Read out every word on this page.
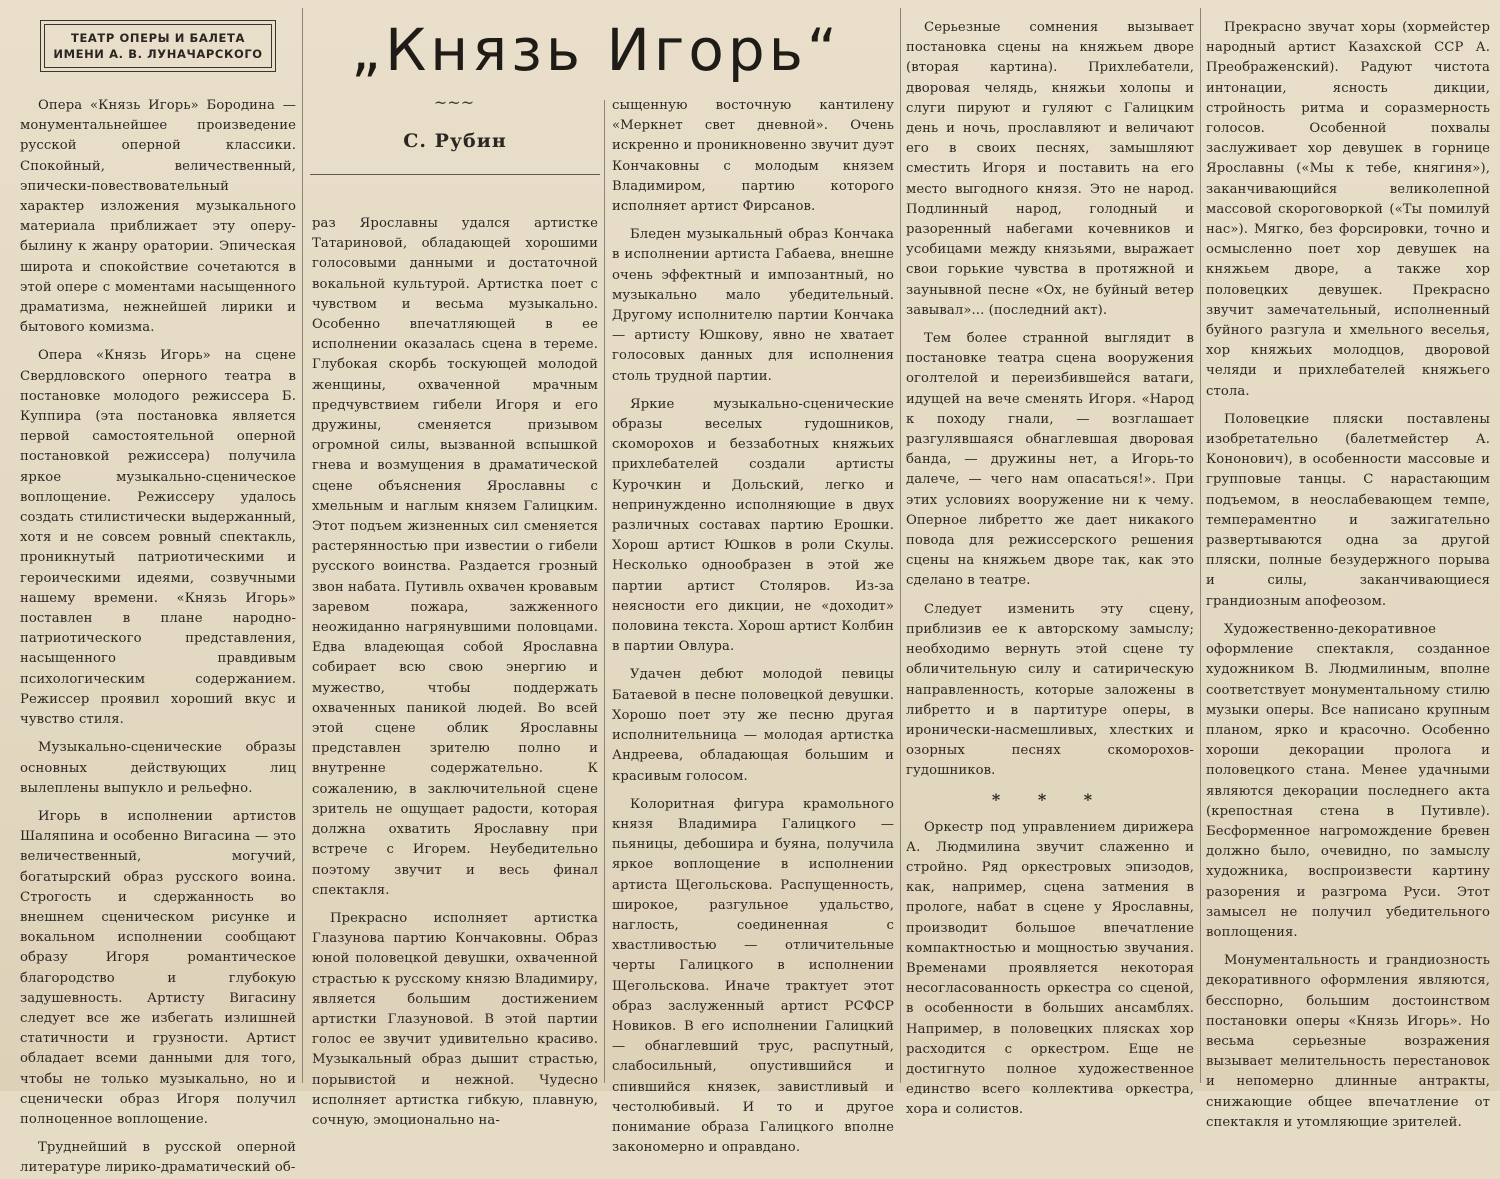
ТЕАТР ОПЕРЫ И БАЛЕТА
ИМЕНИ А. В. ЛУНАЧАРСКОГО	„Князь Игорь“
~~~
С. Рубин

Опера «Князь Игорь» Бородина — монументальнейшее произведение русской оперной классики. Спокойный, величественный, эпически-повествовательный характер изложения музыкального материала приближает эту оперу-былину к жанру оратории. Эпическая широта и спокойствие сочетаются в этой опере с моментами насыщенного драматизма, нежнейшей лирики и бытового комизма.

Опера «Князь Игорь» на сцене Свердловского оперного театра в постановке молодого режиссера Б. Куппира (эта постановка является первой самостоятельной оперной постановкой режиссера) получила яркое музыкально-сценическое воплощение. Режиссеру удалось создать стилистически выдержанный, хотя и не совсем ровный спектакль, проникнутый патриотическими и героическими идеями, созвучными нашему времени. «Князь Игорь» поставлен в плане народно-патриотического представления, насыщенного правдивым психологическим содержанием. Режиссер проявил хороший вкус и чувство стиля.

Музыкально-сценические образы основных действующих лиц вылеплены выпукло и рельефно.

Игорь в исполнении артистов Шаляпина и особенно Вигасина — это величественный, могучий, богатырский образ русского воина. Строгость и сдержанность во внешнем сценическом рисунке и вокальном исполнении сообщают образу Игоря романтическое благородство и глубокую задушевность. Артисту Вигасину следует все же избегать излишней статичности и грузности. Артист обладает всеми данными для того, чтобы не только музыкально, но и сценически образ Игоря получил полноценное воплощение.

Труднейший в русской оперной литературе лирико-драматический об-

раз Ярославны удался артистке Татариновой, обладающей хорошими голосовыми данными и достаточной вокальной культурой. Артистка поет с чувством и весьма музыкально. Особенно впечатляющей в ее исполнении оказалась сцена в тереме. Глубокая скорбь тоскующей молодой женщины, охваченной мрачным предчувствием гибели Игоря и его дружины, сменяется призывом огромной силы, вызванной вспышкой гнева и возмущения в драматической сцене объяснения Ярославны с хмельным и наглым князем Галицким. Этот подъем жизненных сил сменяется растерянностью при известии о гибели русского воинства. Раздается грозный звон набата. Путивль охвачен кровавым заревом пожара, зажженного неожиданно нагрянувшими половцами. Едва владеющая собой Ярославна собирает всю свою энергию и мужество, чтобы поддержать охваченных паникой людей. Во всей этой сцене облик Ярославны представлен зрителю полно и внутренне содержательно. К сожалению, в заключительной сцене зритель не ощущает радости, которая должна охватить Ярославну при встрече с Игорем. Неубедительно поэтому звучит и весь финал спектакля.

Прекрасно исполняет артистка Глазунова партию Кончаковны. Образ юной половецкой девушки, охваченной страстью к русскому князю Владимиру, является большим достижением артистки Глазуновой. В этой партии голос ее звучит удивительно красиво. Музыкальный образ дышит страстью, порывистой и нежной. Чудесно исполняет артистка гибкую, плавную, сочную, эмоционально на-

сыщенную восточную кантилену «Меркнет свет дневной». Очень искренно и проникновенно звучит дуэт Кончаковны с молодым князем Владимиром, партию которого исполняет артист Фирсанов.

Бледен музыкальный образ Кончака в исполнении артиста Габаева, внешне очень эффектный и импозантный, но музыкально мало убедительный. Другому исполнителю партии Кончака — артисту Юшкову, явно не хватает голосовых данных для исполнения столь трудной партии.

Яркие музыкально-сценические образы веселых гудошников, скоморохов и беззаботных княжьих прихлебателей создали артисты Курочкин и Дольский, легко и непринужденно исполняющие в двух различных составах партию Ерошки. Хорош артист Юшков в роли Скулы. Несколько однообразен в этой же партии артист Столяров. Из-за неясности его дикции, не «доходит» половина текста. Хорош артист Колбин в партии Овлура.

Удачен дебют молодой певицы Батаевой в песне половецкой девушки. Хорошо поет эту же песню другая исполнительница — молодая артистка Андреева, обладающая большим и красивым голосом.

Колоритная фигура крамольного князя Владимира Галицкого — пьяницы, дебошира и буяна, получила яркое воплощение в исполнении артиста Щегольскова. Распущенность, широкое, разгульное удальство, наглость, соединенная с хвастливостью — отличительные черты Галицкого в исполнении Щегольскова. Иначе трактует этот образ заслуженный артист РСФСР Новиков. В его исполнении Галицкий — обнаглевший трус, распутный, слабосильный, опустившийся и спившийся князек, завистливый и честолюбивый. И то и другое понимание образа Галицкого вполне закономерно и оправдано.

Серьезные сомнения вызывает постановка сцены на княжьем дворе (вторая картина). Прихлебатели, дворовая челядь, княжьи холопы и слуги пируют и гуляют с Галицким день и ночь, прославляют и величают его в своих песнях, замышляют сместить Игоря и поставить на его место выгодного князя. Это не народ. Подлинный народ, голодный и разоренный набегами кочевников и усобицами между князьями, выражает свои горькие чувства в протяжной и заунывной песне «Ох, не буйный ветер завывал»... (последний акт).

Тем более странной выглядит в постановке театра сцена вооружения оголтелой и переизбившейся ватаги, идущей на вече сменять Игоря. «Народ к походу гнали, — возглашает разгулявшаяся обнаглевшая дворовая банда, — дружины нет, а Игорь-то далече, — чего нам опасаться!». При этих условиях вооружение ни к чему. Оперное либретто же дает никакого повода для режиссерского решения сцены на княжьем дворе так, как это сделано в театре.

Следует изменить эту сцену, приблизив ее к авторскому замыслу; необходимо вернуть этой сцене ту обличительную силу и сатирическую направленность, которые заложены в либретто и в партитуре оперы, в иронически-насмешливых, хлестких и озорных песнях скоморохов-гудошников.

* * *

Оркестр под управлением дирижера А. Людмилина звучит слаженно и стройно. Ряд оркестровых эпизодов, как, например, сцена затмения в прологе, набат в сцене у Ярославны, производит большое впечатление компактностью и мощностью звучания. Временами проявляется некоторая несогласованность оркестра со сценой, в особенности в больших ансамблях. Например, в половецких плясках хор расходится с оркестром. Еще не достигнуто полное художественное единство всего коллектива оркестра, хора и солистов.

Прекрасно звучат хоры (хормейстер народный артист Казахской ССР А. Преображенский). Радуют чистота интонации, ясность дикции, стройность ритма и соразмерность голосов. Особенной похвалы заслуживает хор девушек в горнице Ярославны («Мы к тебе, княгиня»), заканчивающийся великолепной массовой скороговоркой («Ты помилуй нас»). Мягко, без форсировки, точно и осмысленно поет хор девушек на княжьем дворе, а также хор половецких девушек. Прекрасно звучит замечательный, исполненный буйного разгула и хмельного веселья, хор княжьих молодцов, дворовой челяди и прихлебателей княжьего стола.

Половецкие пляски поставлены изобретательно (балетмейстер А. Кононович), в особенности массовые и групповые танцы. С нарастающим подъемом, в неослабевающем темпе, темпераментно и зажигательно развертываются одна за другой пляски, полные безудержного порыва и силы, заканчивающиеся грандиозным апофеозом.

Художественно-декоративное оформление спектакля, созданное художником В. Людмилиным, вполне соответствует монументальному стилю музыки оперы. Все написано крупным планом, ярко и красочно. Особенно хороши декорации пролога и половецкого стана. Менее удачными являются декорации последнего акта (крепостная стена в Путивле). Бесформенное нагромождение бревен должно было, очевидно, по замыслу художника, воспроизвести картину разорения и разгрома Руси. Этот замысел не получил убедительного воплощения.

Монументальность и грандиозность декоративного оформления являются, бесспорно, большим достоинством постановки оперы «Князь Игорь». Но весьма серьезные возражения вызывает мелительность перестановок и непомерно длинные антракты, снижающие общее впечатление от спектакля и утомляющие зрителей.
